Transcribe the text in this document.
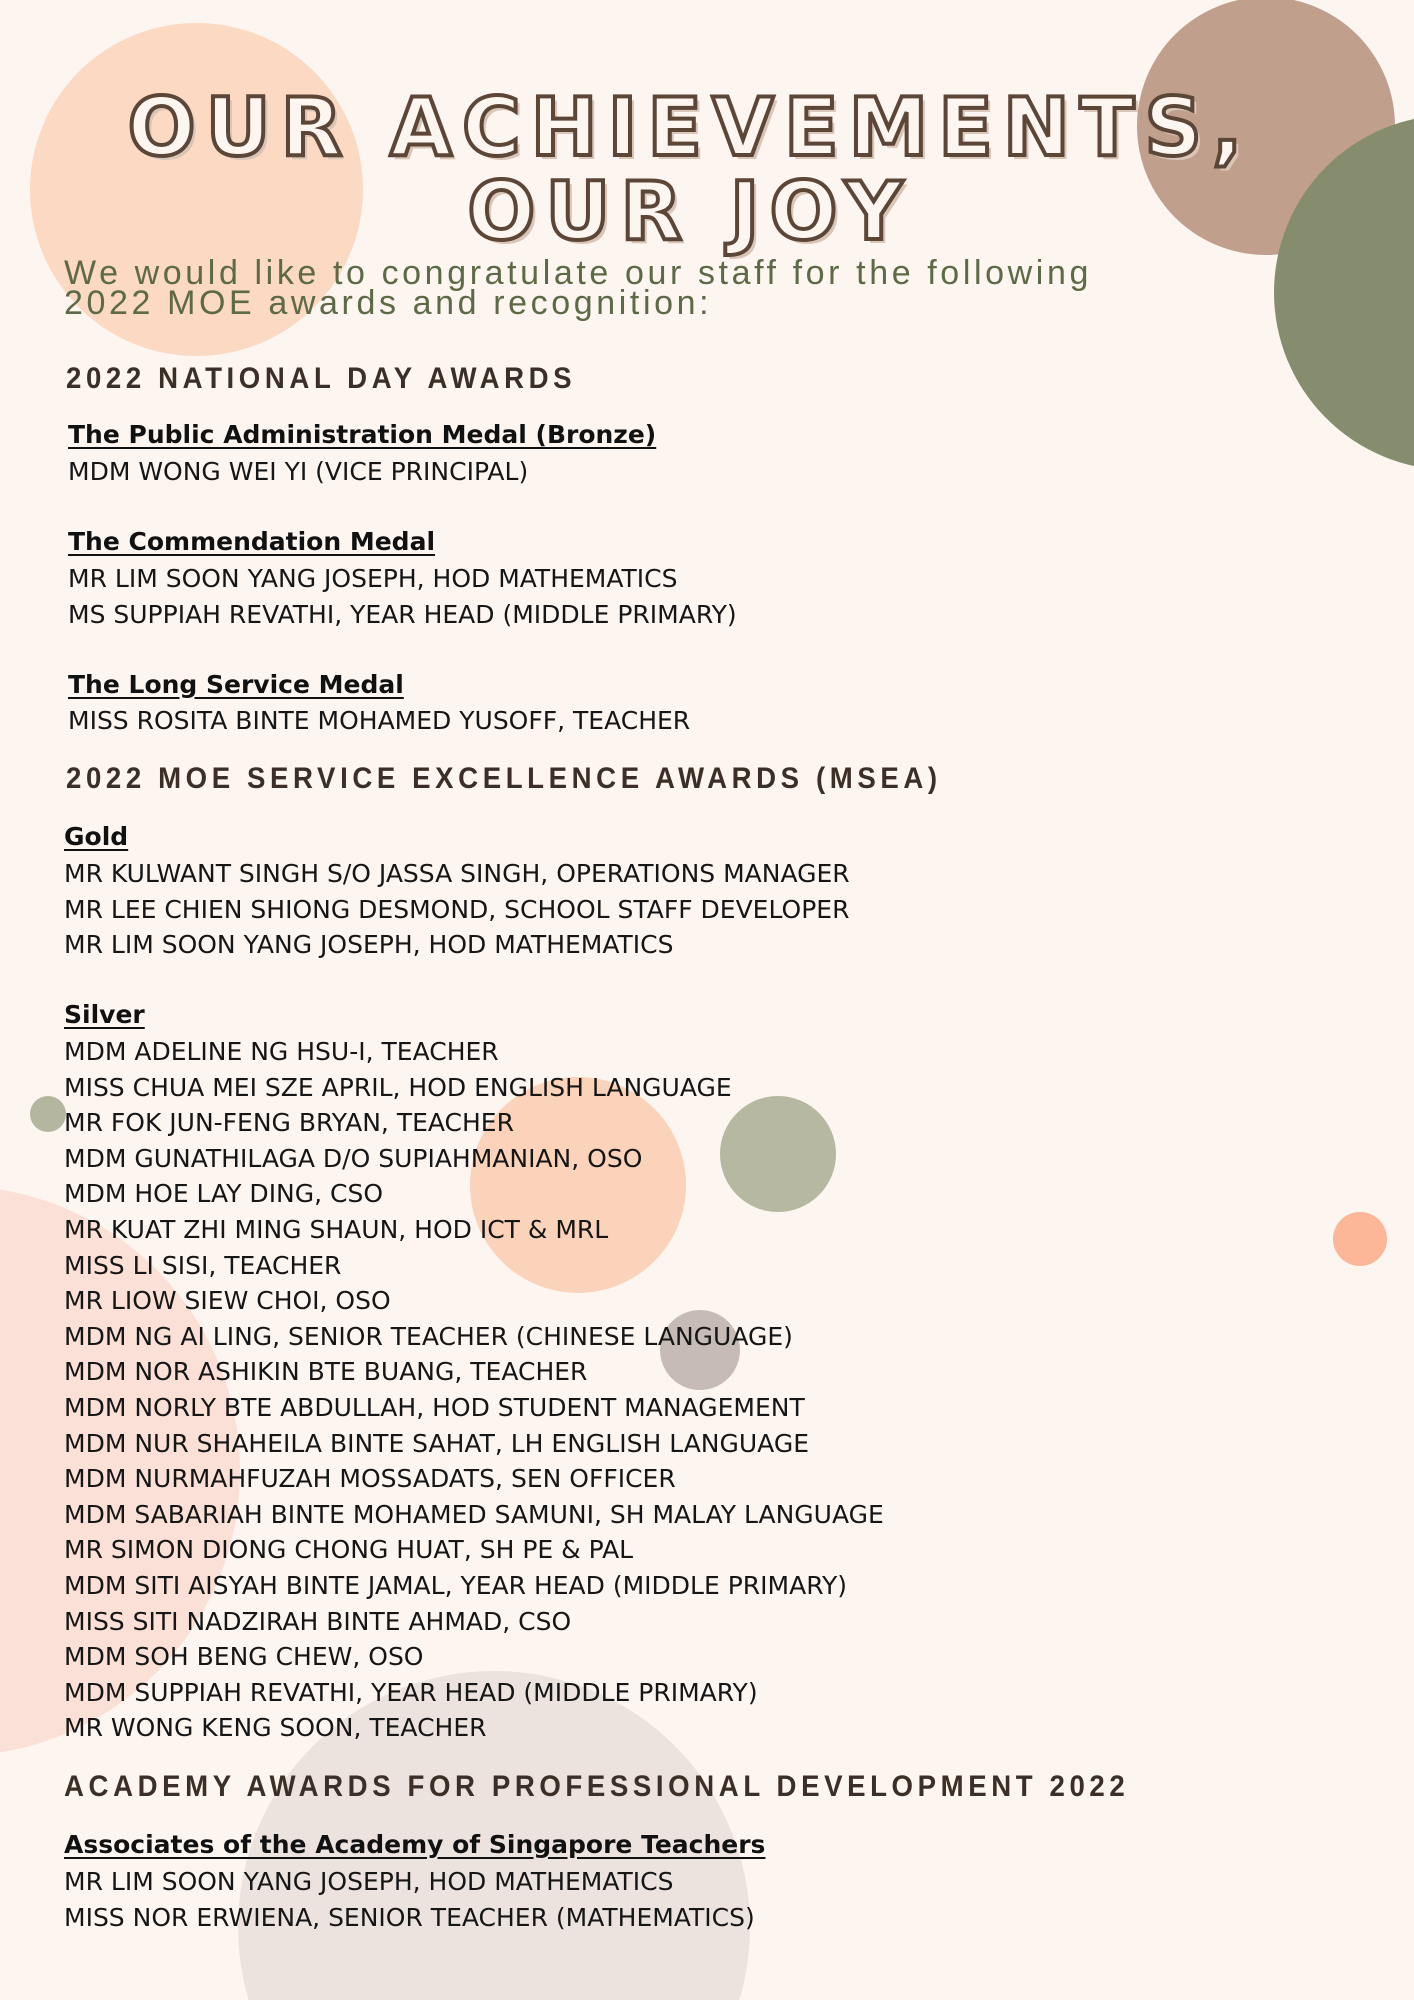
OUR ACHIEVEMENTS,
OUR JOY

We would like to congratulate our staff for the following
2022 MOE awards and recognition:

2022 NATIONAL DAY AWARDS
The Public Administration Medal (Bronze)
MDM WONG WEI YI (VICE PRINCIPAL)
The Commendation Medal
MR LIM SOON YANG JOSEPH, HOD MATHEMATICS
MS SUPPIAH REVATHI, YEAR HEAD (MIDDLE PRIMARY)
The Long Service Medal
MISS ROSITA BINTE MOHAMED YUSOFF, TEACHER
2022 MOE SERVICE EXCELLENCE AWARDS (MSEA)
Gold
MR KULWANT SINGH S/O JASSA SINGH, OPERATIONS MANAGER
MR LEE CHIEN SHIONG DESMOND, SCHOOL STAFF DEVELOPER
MR LIM SOON YANG JOSEPH, HOD MATHEMATICS
Silver
MDM ADELINE NG HSU-I, TEACHER
MISS CHUA MEI SZE APRIL, HOD ENGLISH LANGUAGE
MR FOK JUN-FENG BRYAN, TEACHER
MDM GUNATHILAGA D/O SUPIAHMANIAN, OSO
MDM HOE LAY DING, CSO
MR KUAT ZHI MING SHAUN, HOD ICT & MRL
MISS LI SISI, TEACHER
MR LIOW SIEW CHOI, OSO
MDM NG AI LING, SENIOR TEACHER (CHINESE LANGUAGE)
MDM NOR ASHIKIN BTE BUANG, TEACHER
MDM NORLY BTE ABDULLAH, HOD STUDENT MANAGEMENT
MDM NUR SHAHEILA BINTE SAHAT, LH ENGLISH LANGUAGE
MDM NURMAHFUZAH MOSSADATS, SEN OFFICER
MDM SABARIAH BINTE MOHAMED SAMUNI, SH MALAY LANGUAGE
MR SIMON DIONG CHONG HUAT, SH PE & PAL
MDM SITI AISYAH BINTE JAMAL, YEAR HEAD (MIDDLE PRIMARY)
MISS SITI NADZIRAH BINTE AHMAD, CSO
MDM SOH BENG CHEW, OSO
MDM SUPPIAH REVATHI, YEAR HEAD (MIDDLE PRIMARY)
MR WONG KENG SOON, TEACHER
ACADEMY AWARDS FOR PROFESSIONAL DEVELOPMENT 2022
Associates of the Academy of Singapore Teachers
MR LIM SOON YANG JOSEPH, HOD MATHEMATICS
MISS NOR ERWIENA, SENIOR TEACHER (MATHEMATICS)
